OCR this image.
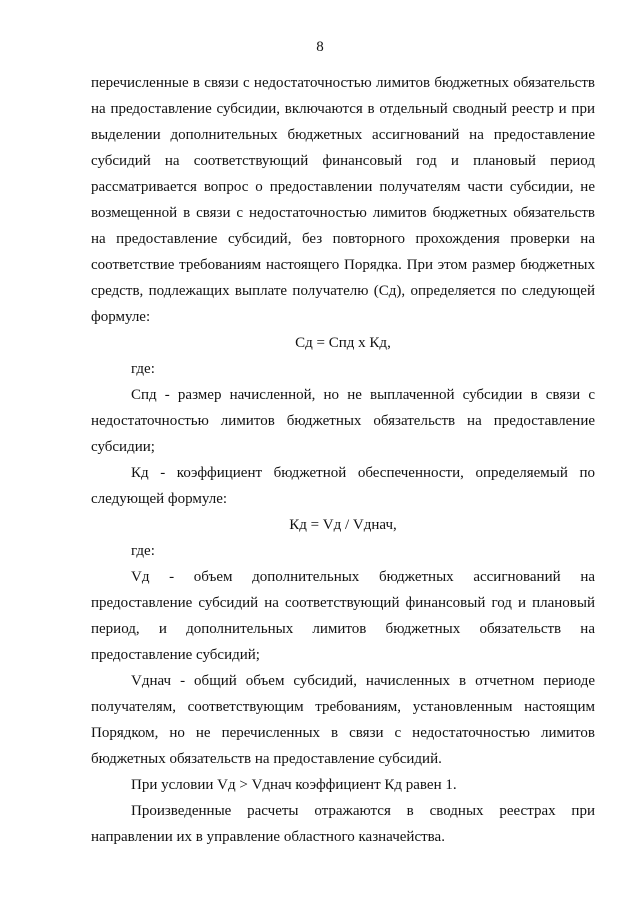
8

перечисленные в связи с недостаточностью лимитов бюджетных обязательств на предоставление субсидии, включаются в отдельный сводный реестр и при выделении дополнительных бюджетных ассигнований на предоставление субсидий на соответствующий финансовый год и плановый период рассматривается вопрос о предоставлении получателям части субсидии, не возмещенной в связи с недостаточностью лимитов бюджетных обязательств на предоставление субсидий, без повторного прохождения проверки на соответствие требованиям настоящего Порядка. При этом размер бюджетных средств, подлежащих выплате получателю (Сд), определяется по следующей формуле:

Сд = Спд х Кд,

где:

Спд - размер начисленной, но не выплаченной субсидии в связи с недостаточностью лимитов бюджетных обязательств на предоставление субсидии;

Кд - коэффициент бюджетной обеспеченности, определяемый по следующей формуле:

Кд = Vд / Vднач,

где:

Vд - объем дополнительных бюджетных ассигнований на предоставление субсидий на соответствующий финансовый год и плановый период, и дополнительных лимитов бюджетных обязательств на предоставление субсидий;

Vднач - общий объем субсидий, начисленных в отчетном периоде получателям, соответствующим требованиям, установленным настоящим Порядком, но не перечисленных в связи с недостаточностью лимитов бюджетных обязательств на предоставление субсидий.

При условии Vд > Vднач коэффициент Кд равен 1.

Произведенные расчеты отражаются в сводных реестрах при направлении их в управление областного казначейства.
